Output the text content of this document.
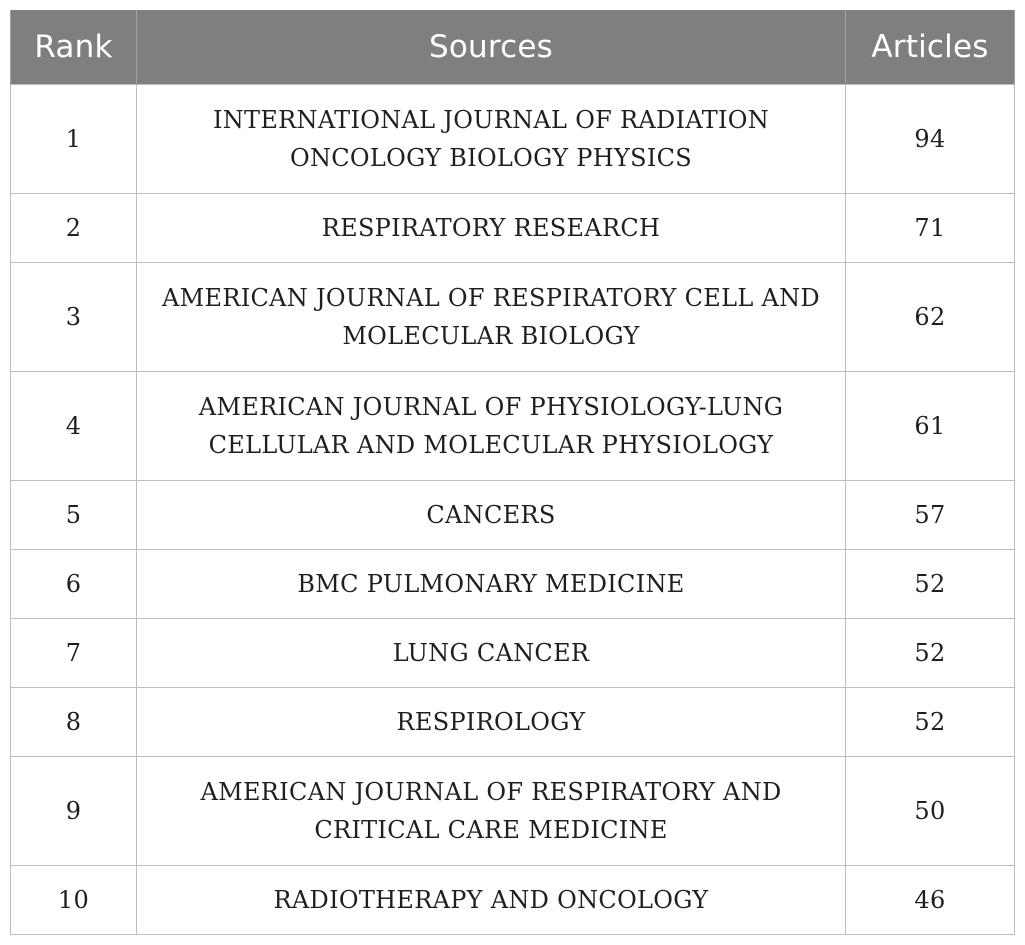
Rank	Sources	Articles
1	INTERNATIONAL JOURNAL OF RADIATION ONCOLOGY BIOLOGY PHYSICS	94
2	RESPIRATORY RESEARCH	71
3	AMERICAN JOURNAL OF RESPIRATORY CELL AND MOLECULAR BIOLOGY	62
4	AMERICAN JOURNAL OF PHYSIOLOGY-LUNG CELLULAR AND MOLECULAR PHYSIOLOGY	61
5	CANCERS	57
6	BMC PULMONARY MEDICINE	52
7	LUNG CANCER	52
8	RESPIROLOGY	52
9	AMERICAN JOURNAL OF RESPIRATORY AND CRITICAL CARE MEDICINE	50
10	RADIOTHERAPY AND ONCOLOGY	46
